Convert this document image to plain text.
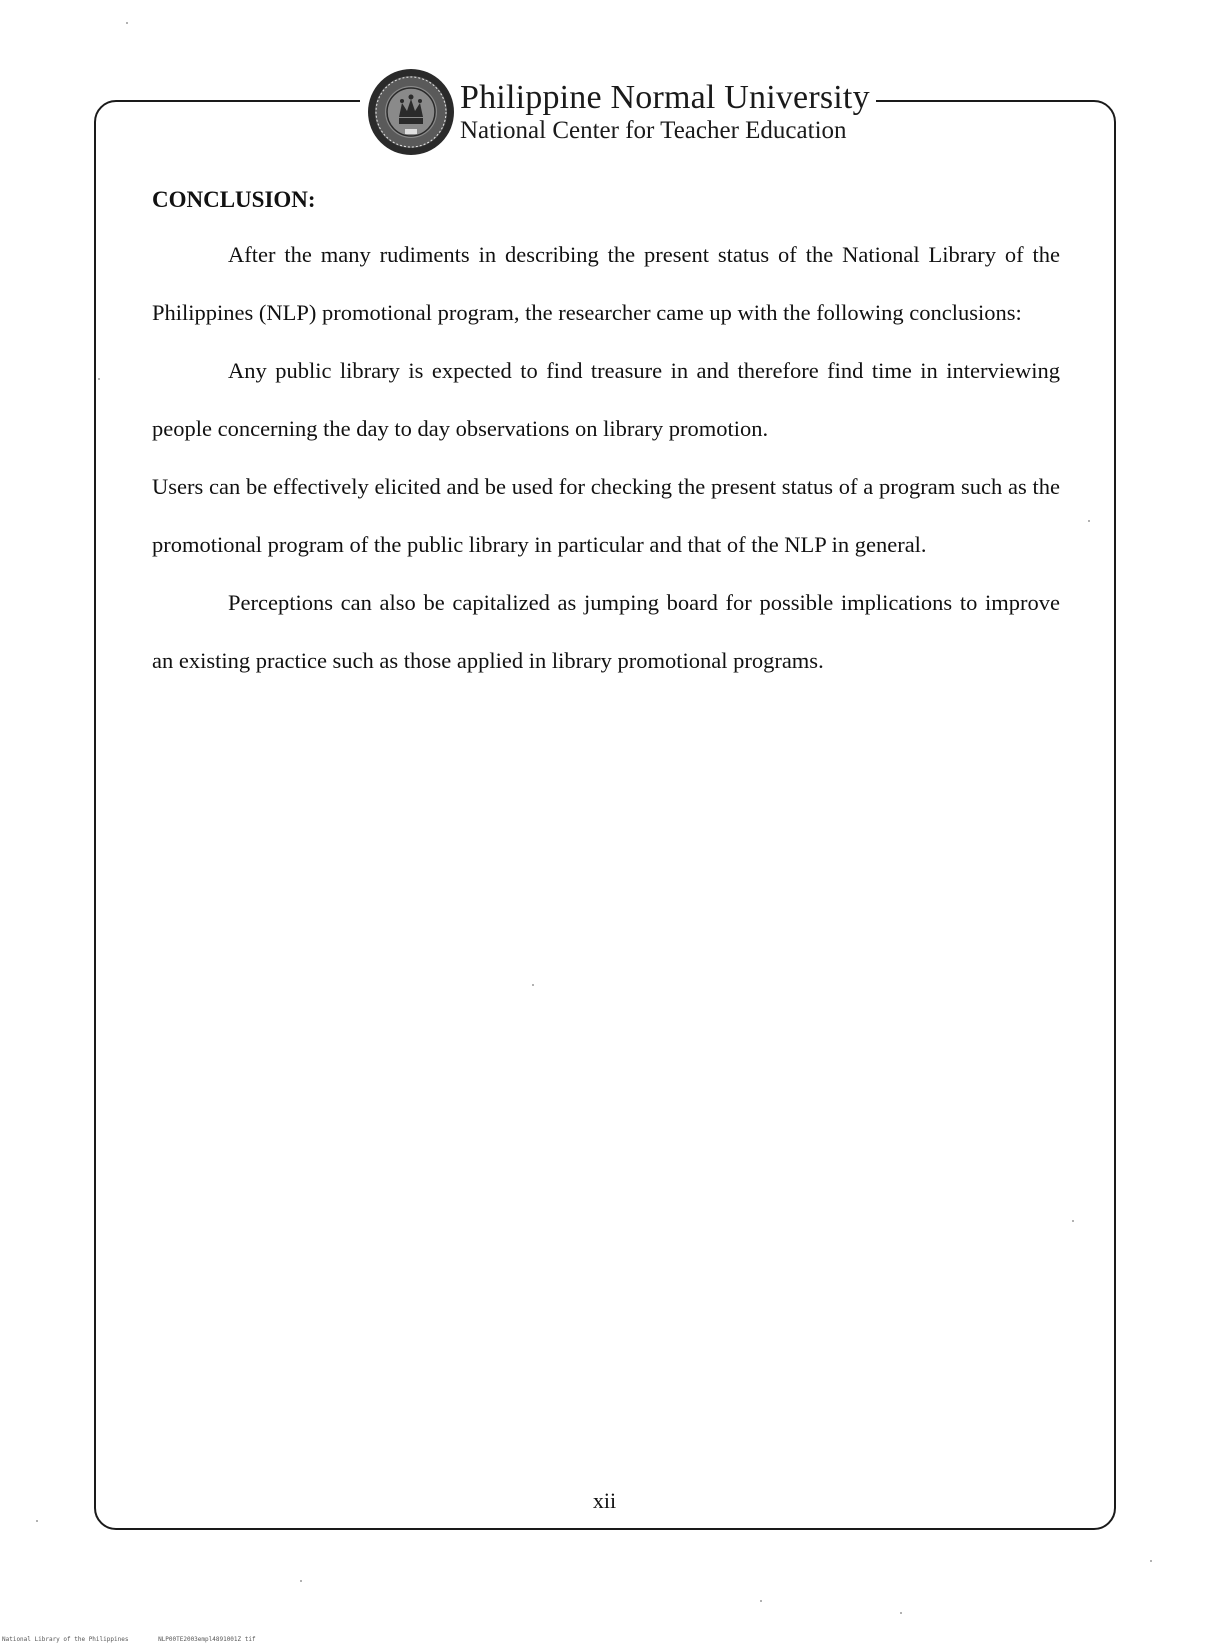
Philippine Normal University
National Center for Teacher Education
CONCLUSION:

After the many rudiments in describing the present status of the National Library of the Philippines (NLP) promotional program, the researcher came up with the following conclusions:

Any public library is expected to find treasure in and therefore find time in interviewing people concerning the day to day observations on library promotion.

Users can be effectively elicited and be used for checking the present status of a program such as the promotional program of the public library in particular and that of the NLP in general.

Perceptions can also be capitalized as jumping board for possible implications to improve an existing practice such as those applied in library promotional programs.

xii
National Library of the Philippines	NLP00TE2003empl4891001Z tif
